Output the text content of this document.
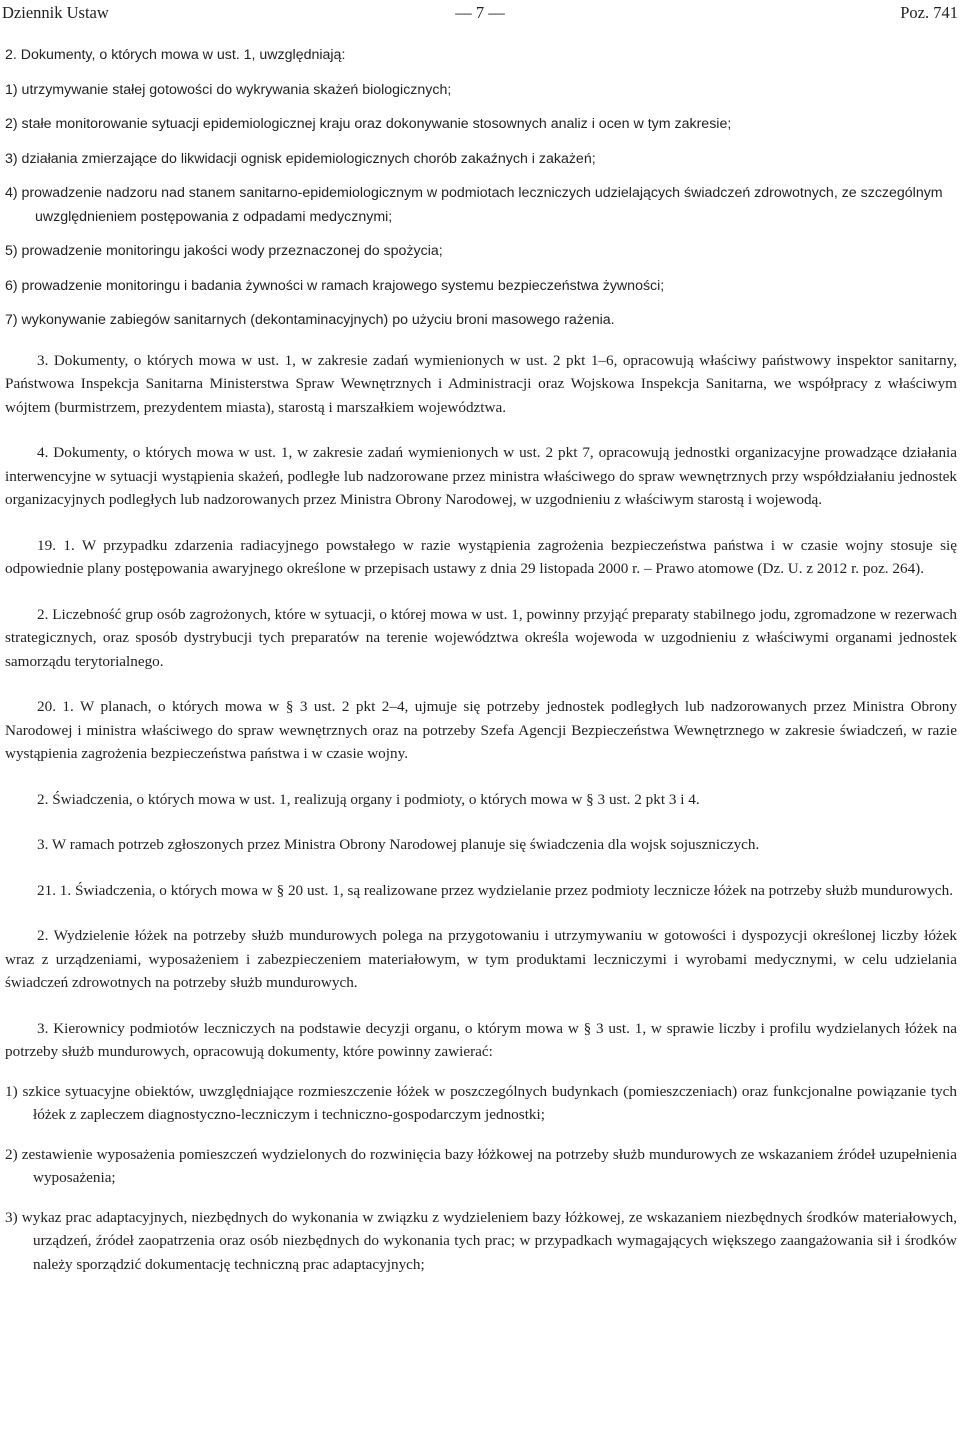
Dziennik Ustaw	— 7 —	Poz. 741
2. Dokumenty, o których mowa w ust. 1, uwzględniają:
1) utrzymywanie stałej gotowości do wykrywania skażeń biologicznych;
2) stałe monitorowanie sytuacji epidemiologicznej kraju oraz dokonywanie stosownych analiz i ocen w tym zakresie;
3) działania zmierzające do likwidacji ognisk epidemiologicznych chorób zakaźnych i zakażeń;
4) prowadzenie nadzoru nad stanem sanitarno-epidemiologicznym w podmiotach leczniczych udzielających świadczeń zdrowotnych, ze szczególnym uwzględnieniem postępowania z odpadami medycznymi;
5) prowadzenie monitoringu jakości wody przeznaczonej do spożycia;
6) prowadzenie monitoringu i badania żywności w ramach krajowego systemu bezpieczeństwa żywności;
7) wykonywanie zabiegów sanitarnych (dekontaminacyjnych) po użyciu broni masowego rażenia.

3. Dokumenty, o których mowa w ust. 1, w zakresie zadań wymienionych w ust. 2 pkt 1–6, opracowują właściwy państwowy inspektor sanitarny, Państwowa Inspekcja Sanitarna Ministerstwa Spraw Wewnętrznych i Administracji oraz Wojskowa Inspekcja Sanitarna, we współpracy z właściwym wójtem (burmistrzem, prezydentem miasta), starostą i marszałkiem województwa.

4. Dokumenty, o których mowa w ust. 1, w zakresie zadań wymienionych w ust. 2 pkt 7, opracowują jednostki organizacyjne prowadzące działania interwencyjne w sytuacji wystąpienia skażeń, podległe lub nadzorowane przez ministra właściwego do spraw wewnętrznych przy współdziałaniu jednostek organizacyjnych podległych lub nadzorowanych przez Ministra Obrony Narodowej, w uzgodnieniu z właściwym starostą i wojewodą.

19. 1. W przypadku zdarzenia radiacyjnego powstałego w razie wystąpienia zagrożenia bezpieczeństwa państwa i w czasie wojny stosuje się odpowiednie plany postępowania awaryjnego określone w przepisach ustawy z dnia 29 listopada 2000 r. – Prawo atomowe (Dz. U. z 2012 r. poz. 264).

2. Liczebność grup osób zagrożonych, które w sytuacji, o której mowa w ust. 1, powinny przyjąć preparaty stabilnego jodu, zgromadzone w rezerwach strategicznych, oraz sposób dystrybucji tych preparatów na terenie województwa określa wojewoda w uzgodnieniu z właściwymi organami jednostek samorządu terytorialnego.

20. 1. W planach, o których mowa w § 3 ust. 2 pkt 2–4, ujmuje się potrzeby jednostek podległych lub nadzorowanych przez Ministra Obrony Narodowej i ministra właściwego do spraw wewnętrznych oraz na potrzeby Szefa Agencji Bezpieczeństwa Wewnętrznego w zakresie świadczeń, w razie wystąpienia zagrożenia bezpieczeństwa państwa i w czasie wojny.

2. Świadczenia, o których mowa w ust. 1, realizują organy i podmioty, o których mowa w § 3 ust. 2 pkt 3 i 4.

3. W ramach potrzeb zgłoszonych przez Ministra Obrony Narodowej planuje się świadczenia dla wojsk sojuszniczych.

21. 1. Świadczenia, o których mowa w § 20 ust. 1, są realizowane przez wydzielanie przez podmioty lecznicze łóżek na potrzeby służb mundurowych.

2. Wydzielenie łóżek na potrzeby służb mundurowych polega na przygotowaniu i utrzymywaniu w gotowości i dyspozycji określonej liczby łóżek wraz z urządzeniami, wyposażeniem i zabezpieczeniem materiałowym, w tym produktami leczniczymi i wyrobami medycznymi, w celu udzielania świadczeń zdrowotnych na potrzeby służb mundurowych.

3. Kierownicy podmiotów leczniczych na podstawie decyzji organu, o którym mowa w § 3 ust. 1, w sprawie liczby i profilu wydzielanych łóżek na potrzeby służb mundurowych, opracowują dokumenty, które powinny zawierać:

1) szkice sytuacyjne obiektów, uwzględniające rozmieszczenie łóżek w poszczególnych budynkach (pomieszczeniach) oraz funkcjonalne powiązanie tych łóżek z zapleczem diagnostyczno-leczniczym i techniczno-gospodarczym jednostki;

2) zestawienie wyposażenia pomieszczeń wydzielonych do rozwinięcia bazy łóżkowej na potrzeby służb mundurowych ze wskazaniem źródeł uzupełnienia wyposażenia;

3) wykaz prac adaptacyjnych, niezbędnych do wykonania w związku z wydzieleniem bazy łóżkowej, ze wskazaniem niezbędnych środków materiałowych, urządzeń, źródeł zaopatrzenia oraz osób niezbędnych do wykonania tych prac; w przypadkach wymagających większego zaangażowania sił i środków należy sporządzić dokumentację techniczną prac adaptacyjnych;
